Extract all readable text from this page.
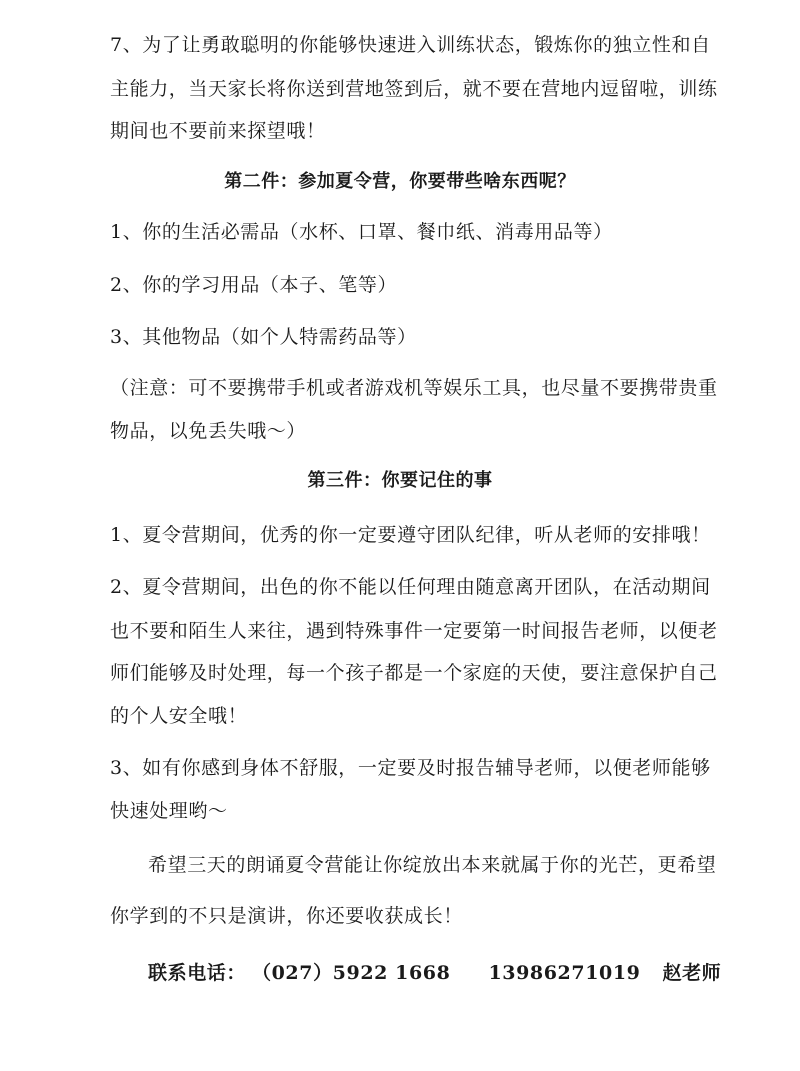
7、为了让勇敢聪明的你能够快速进入训练状态，锻炼你的独立性和自
主能力，当天家长将你送到营地签到后，就不要在营地内逗留啦，训练
期间也不要前来探望哦！
第二件：参加夏令营，你要带些啥东西呢？
1、你的生活必需品（水杯、口罩、餐巾纸、消毒用品等）
2、你的学习用品（本子、笔等）
3、其他物品（如个人特需药品等）
（注意：可不要携带手机或者游戏机等娱乐工具，也尽量不要携带贵重
物品，以免丢失哦～）
第三件：你要记住的事
1、夏令营期间，优秀的你一定要遵守团队纪律，听从老师的安排哦！
2、夏令营期间，出色的你不能以任何理由随意离开团队，在活动期间
也不要和陌生人来往，遇到特殊事件一定要第一时间报告老师，以便老
师们能够及时处理，每一个孩子都是一个家庭的天使，要注意保护自己
的个人安全哦！
3、如有你感到身体不舒服，一定要及时报告辅导老师，以便老师能够
快速处理哟～
希望三天的朗诵夏令营能让你绽放出本来就属于你的光芒，更希望
你学到的不只是演讲，你还要收获成长！
联系电话： （027）5922 1668 13986271019 赵老师
